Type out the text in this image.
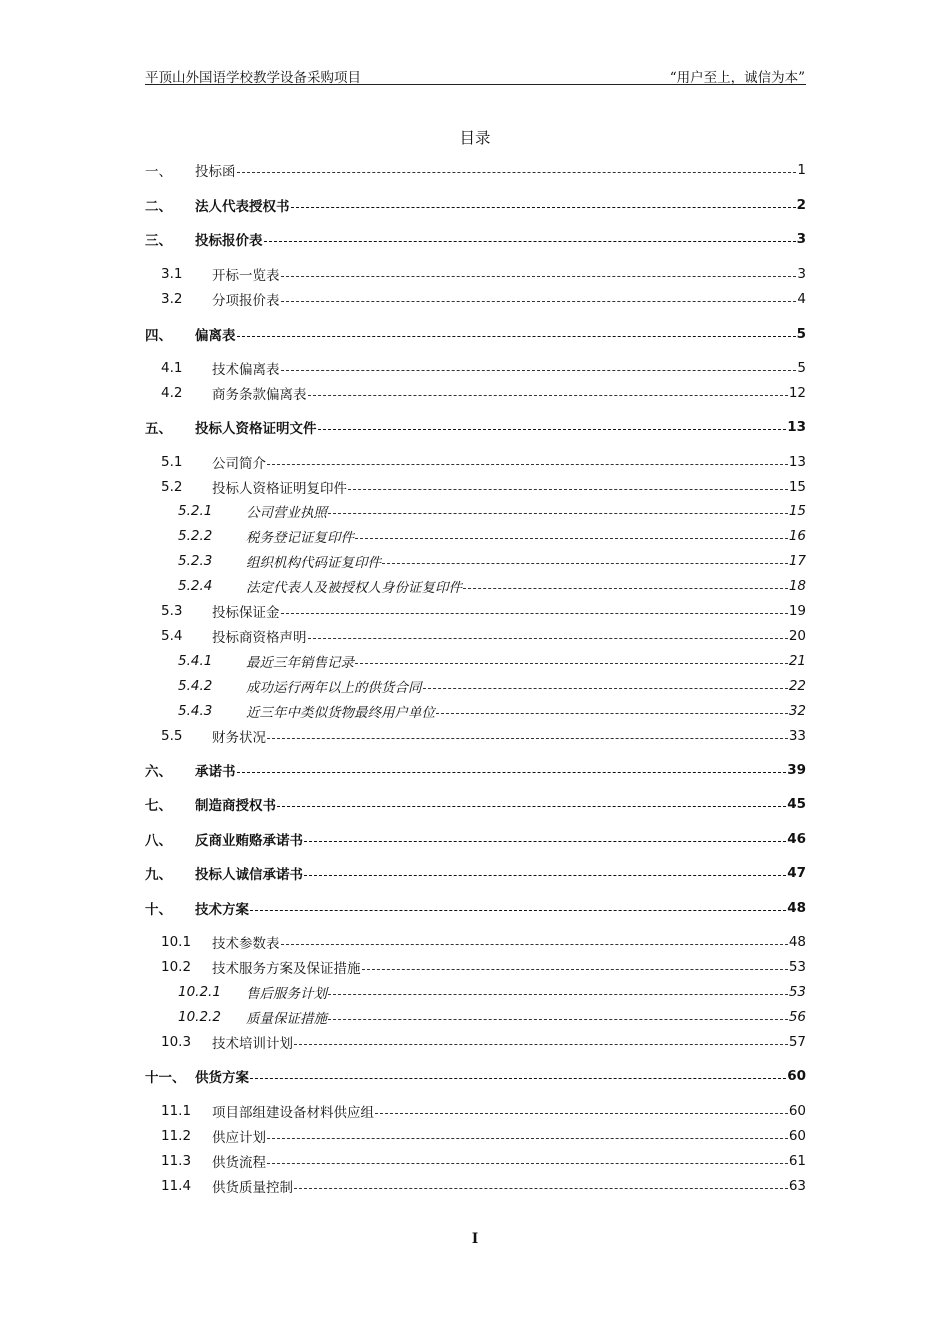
平顶山外国语学校教学设备采购项目	“用户至上，诚信为本”
目录
一、	投标函	1
二、	法人代表授权书	2
三、	投标报价表	3
3.1	开标一览表	3
3.2	分项报价表	4
四、	偏离表	5
4.1	技术偏离表	5
4.2	商务条款偏离表	12
五、	投标人资格证明文件	13
5.1	公司简介	13
5.2	投标人资格证明复印件	15
5.2.1	公司营业执照	15
5.2.2	税务登记证复印件	16
5.2.3	组织机构代码证复印件	17
5.2.4	法定代表人及被授权人身份证复印件	18
5.3	投标保证金	19
5.4	投标商资格声明	20
5.4.1	最近三年销售记录	21
5.4.2	成功运行两年以上的供货合同	22
5.4.3	近三年中类似货物最终用户单位	32
5.5	财务状况	33
六、	承诺书	39
七、	制造商授权书	45
八、	反商业贿赂承诺书	46
九、	投标人诚信承诺书	47
十、	技术方案	48
10.1	技术参数表	48
10.2	技术服务方案及保证措施	53
10.2.1	售后服务计划	53
10.2.2	质量保证措施	56
10.3	技术培训计划	57
十一、 供货方案	60
11.1	项目部组建设备材料供应组	60
11.2	供应计划	60
11.3	供货流程	61
11.4	供货质量控制	63
I
